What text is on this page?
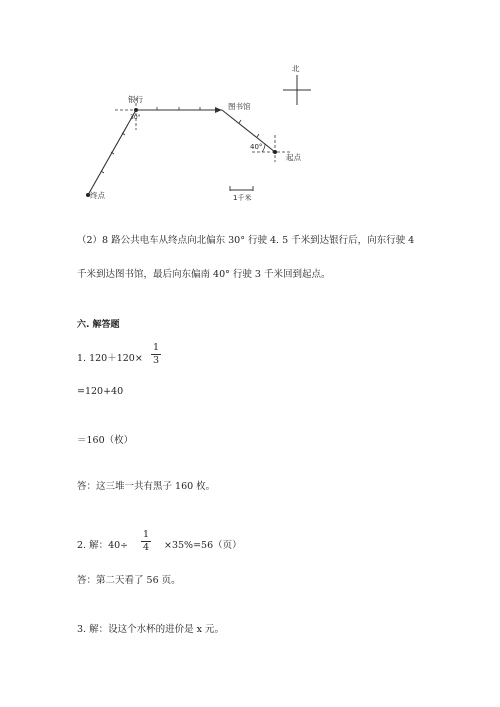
北
银行
图书馆
起点
终点
40°
30°
1千米
（2）8 路公共电车从终点向北偏东 30° 行驶 4. 5 千米到达银行后，向东行驶 4
千米到达图书馆，最后向东偏南 40° 行驶 3 千米回到起点。
六. 解答题
1. 120＋120×
1
3
=120+40
＝160（枚）
答：这三堆一共有黑子 160 枚。
2. 解：40÷
1
4	×35%=56（页）
答：第二天看了 56 页。
3. 解：设这个水杯的进价是 x 元。
